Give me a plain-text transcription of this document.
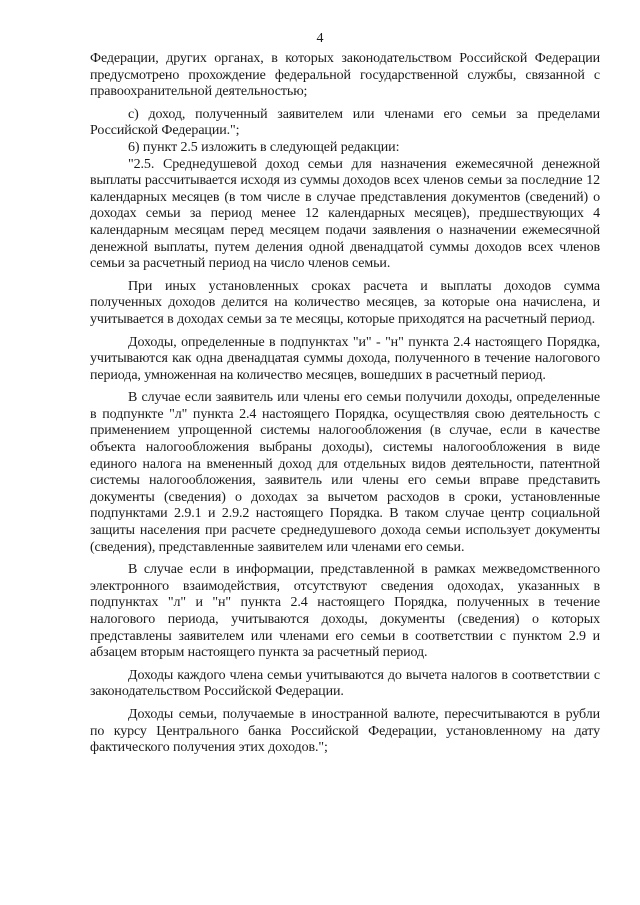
4

Федерации, других органах, в которых законодательством Российской Федерации предусмотрено прохождение федеральной государственной службы, связанной с правоохранительной деятельностью;

с) доход, полученный заявителем или членами его семьи за пределами Российской Федерации.";

6) пункт 2.5 изложить в следующей редакции:

"2.5. Среднедушевой доход семьи для назначения ежемесячной денежной выплаты рассчитывается исходя из суммы доходов всех членов семьи за последние 12 календарных месяцев (в том числе в случае представления документов (сведений) о доходах семьи за период менее 12 календарных месяцев), предшествующих 4 календарным месяцам перед месяцем подачи заявления о назначении ежемесячной денежной выплаты, путем деления одной двенадцатой суммы доходов всех членов семьи за расчетный период на число членов семьи.

При иных установленных сроках расчета и выплаты доходов сумма полученных доходов делится на количество месяцев, за которые она начислена, и учитывается в доходах семьи за те месяцы, которые приходятся на расчетный период.

Доходы, определенные в подпунктах "и" - "н" пункта 2.4 настоящего Порядка, учитываются как одна двенадцатая суммы дохода, полученного в течение налогового периода, умноженная на количество месяцев, вошедших в расчетный период.

В случае если заявитель или члены его семьи получили доходы, определенные в подпункте "л" пункта 2.4 настоящего Порядка, осуществляя свою деятельность с применением упрощенной системы налогообложения (в случае, если в качестве объекта налогообложения выбраны доходы), системы налогообложения в виде единого налога на вмененный доход для отдельных видов деятельности, патентной системы налогообложения, заявитель или члены его семьи вправе представить документы (сведения) о доходах за вычетом расходов в сроки, установленные подпунктами 2.9.1 и 2.9.2 настоящего Порядка. В таком случае центр социальной защиты населения при расчете среднедушевого дохода семьи использует документы (сведения), представленные заявителем или членами его семьи.

В случае если в информации, представленной в рамках межведомственного электронного взаимодействия, отсутствуют сведения одоходах, указанных в подпунктах "л" и "н" пункта 2.4 настоящего Порядка, полученных в течение налогового периода, учитываются доходы, документы (сведения) о которых представлены заявителем или членами его семьи в соответствии с пунктом 2.9 и абзацем вторым настоящего пункта за расчетный период.

Доходы каждого члена семьи учитываются до вычета налогов в соответствии с законодательством Российской Федерации.

Доходы семьи, получаемые в иностранной валюте, пересчитываются в рубли по курсу Центрального банка Российской Федерации, установленному на дату фактического получения этих доходов.";
